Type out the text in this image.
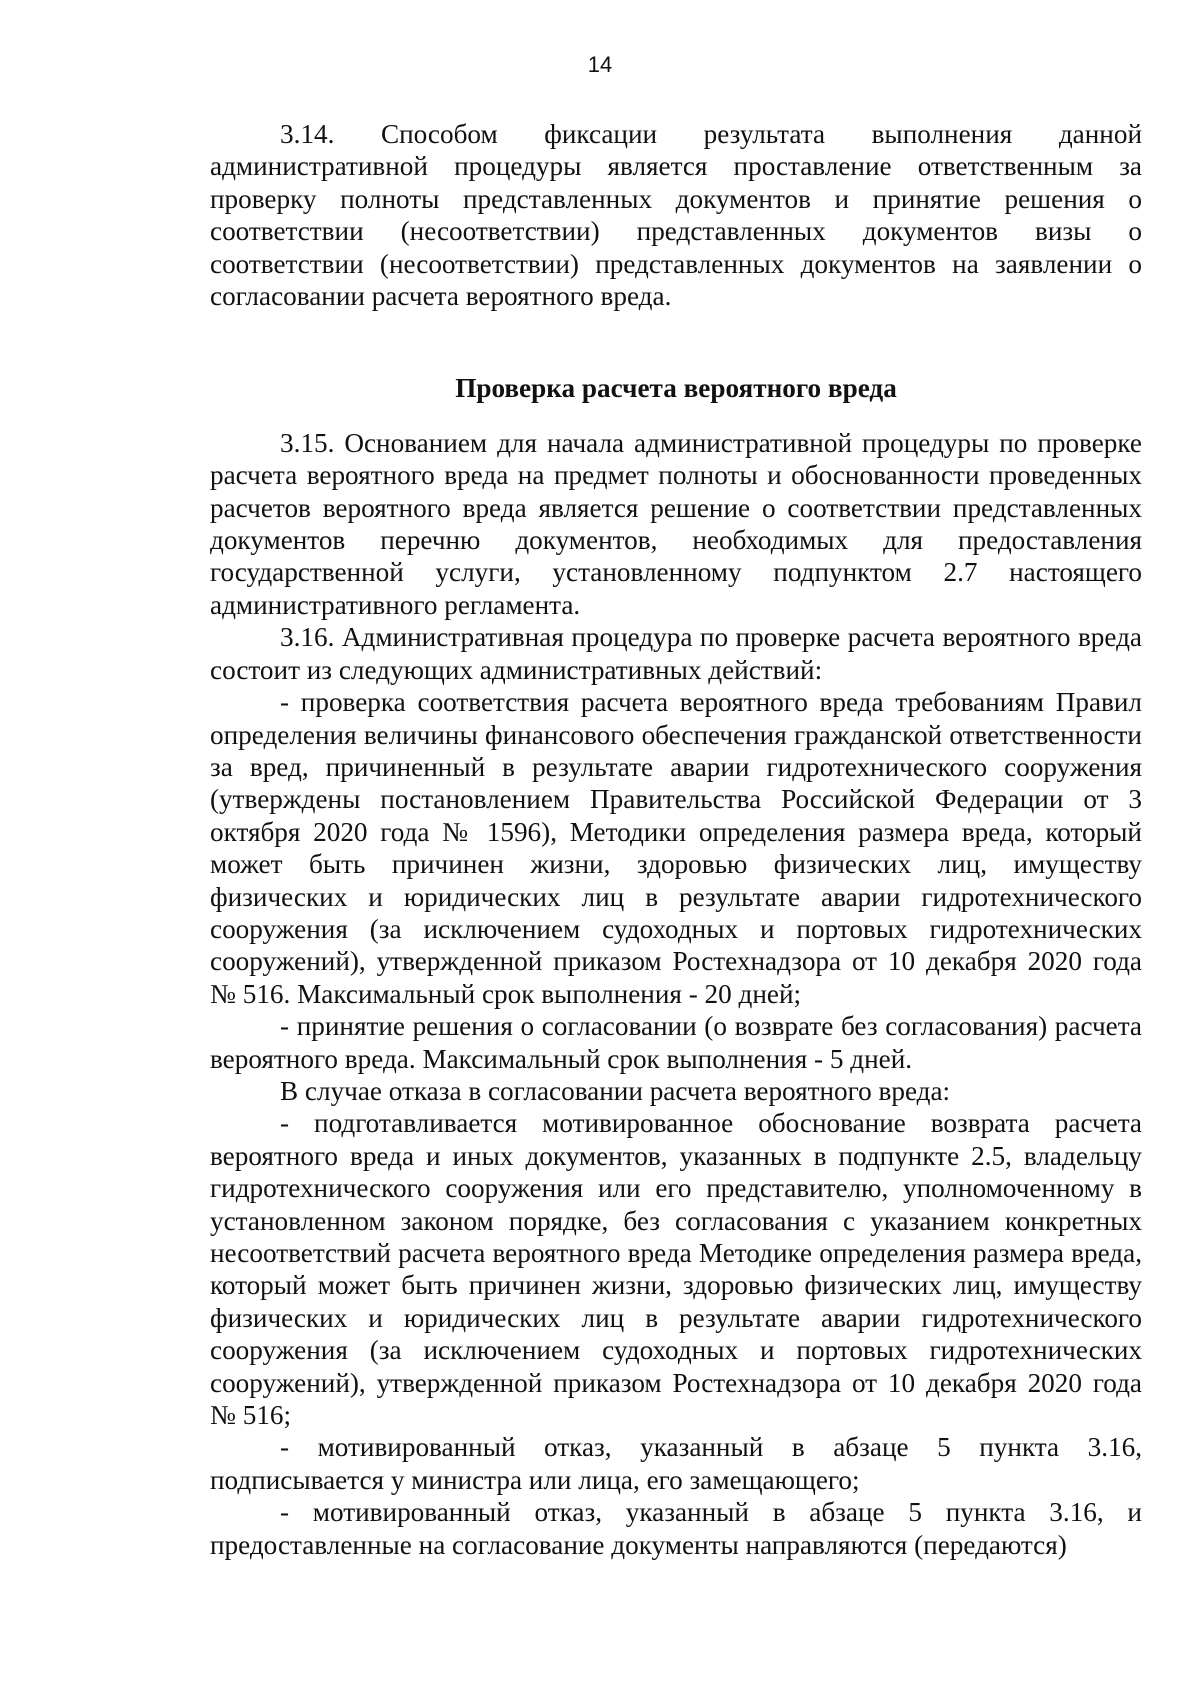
14

3.14. Способом фиксации результата выполнения данной административной процедуры является проставление ответственным за проверку полноты представленных документов и принятие решения о соответствии (несоответствии) представленных документов визы о соответствии (несоответствии) представленных документов на заявлении о согласовании расчета вероятного вреда.

Проверка расчета вероятного вреда

3.15. Основанием для начала административной процедуры по проверке расчета вероятного вреда на предмет полноты и обоснованности проведенных расчетов вероятного вреда является решение о соответствии представленных документов перечню документов, необходимых для предоставления государственной услуги, установленному подпунктом 2.7 настоящего административного регламента.

3.16. Административная процедура по проверке расчета вероятного вреда состоит из следующих административных действий:

- проверка соответствия расчета вероятного вреда требованиям Правил определения величины финансового обеспечения гражданской ответственности за вред, причиненный в результате аварии гидротехнического сооружения (утверждены постановлением Правительства Российской Федерации от 3 октября 2020 года № 1596), Методики определения размера вреда, который может быть причинен жизни, здоровью физических лиц, имуществу физических и юридических лиц в результате аварии гидротехнического сооружения (за исключением судоходных и портовых гидротехнических сооружений), утвержденной приказом Ростехнадзора от 10 декабря 2020 года № 516. Максимальный срок выполнения - 20 дней;

- принятие решения о согласовании (о возврате без согласования) расчета вероятного вреда. Максимальный срок выполнения - 5 дней.

В случае отказа в согласовании расчета вероятного вреда:

- подготавливается мотивированное обоснование возврата расчета вероятного вреда и иных документов, указанных в подпункте 2.5, владельцу гидротехнического сооружения или его представителю, уполномоченному в установленном законом порядке, без согласования с указанием конкретных несоответствий расчета вероятного вреда Методике определения размера вреда, который может быть причинен жизни, здоровью физических лиц, имуществу физических и юридических лиц в результате аварии гидротехнического сооружения (за исключением судоходных и портовых гидротехнических сооружений), утвержденной приказом Ростехнадзора от 10 декабря 2020 года № 516;

- мотивированный отказ, указанный в абзаце 5 пункта 3.16, подписывается у министра или лица, его замещающего;

- мотивированный отказ, указанный в абзаце 5 пункта 3.16, и предоставленные на согласование документы направляются (передаются)
